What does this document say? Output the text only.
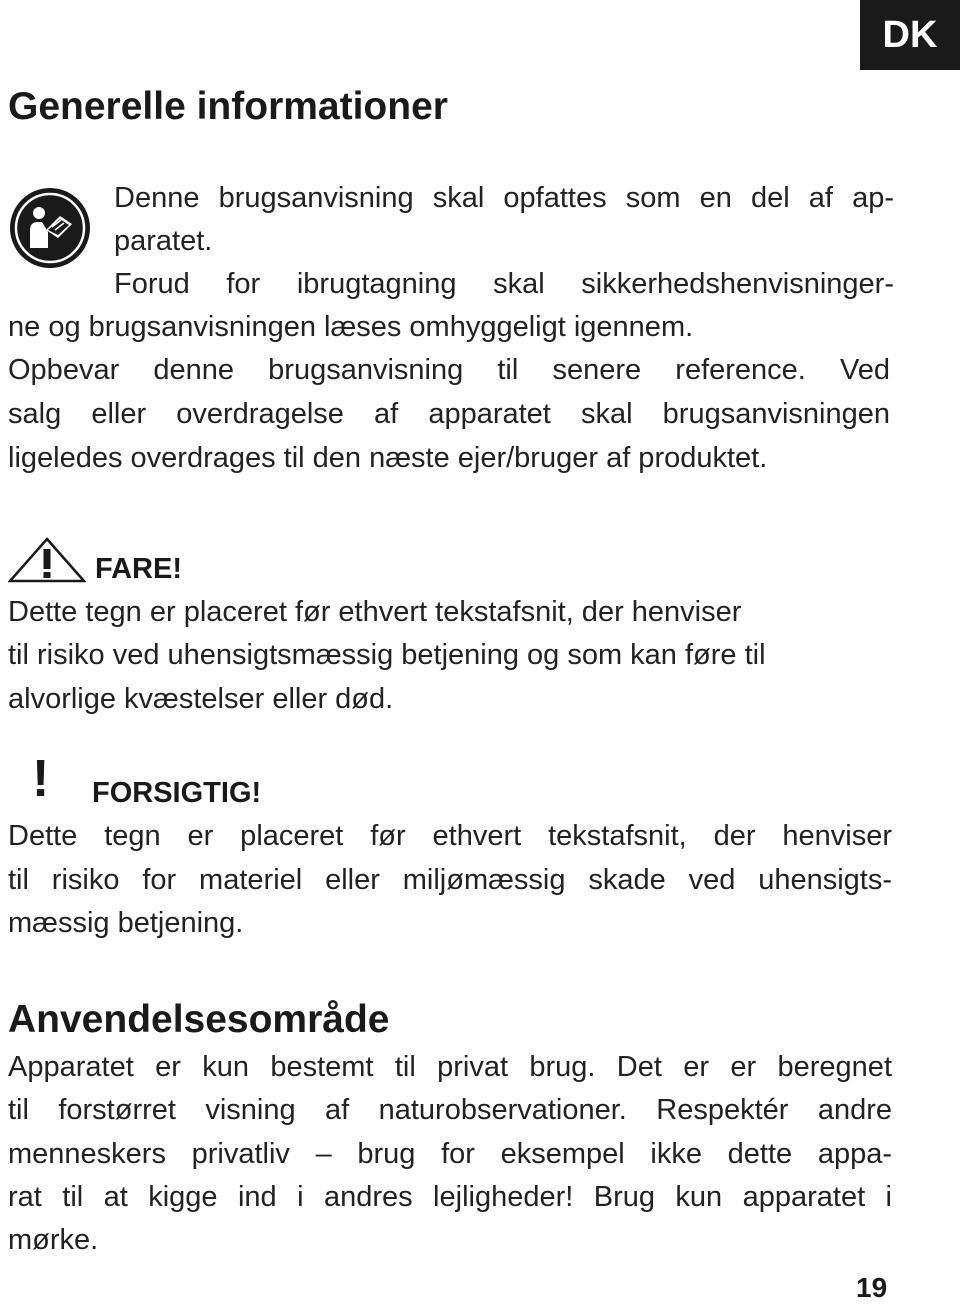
DK
Generelle informationer

Denne brugsanvisning skal opfattes som en del af ap-

paratet.

Forud for ibrugtagning skal sikkerhedshenvisninger-

ne og brugsanvisningen læses omhyggeligt igennem.

Opbevar denne brugsanvisning til senere reference. Ved

salg eller overdragelse af apparatet skal brugsanvisningen

ligeledes overdrages til den næste ejer/bruger af produktet.

FARE!

Dette tegn er placeret før ethvert tekstafsnit, der henviser

til risiko ved uhensigtsmæssig betjening og som kan føre til

alvorlige kvæstelser eller død.

! FORSIGTIG!

Dette tegn er placeret før ethvert tekstafsnit, der henviser

til risiko for materiel eller miljømæssig skade ved uhensigts-

mæssig betjening.

Anvendelsesområde

Apparatet er kun bestemt til privat brug. Det er er beregnet

til forstørret visning af naturobservationer. Respektér andre

menneskers privatliv – brug for eksempel ikke dette appa-

rat til at kigge ind i andres lejligheder! Brug kun apparatet i

mørke.

19
